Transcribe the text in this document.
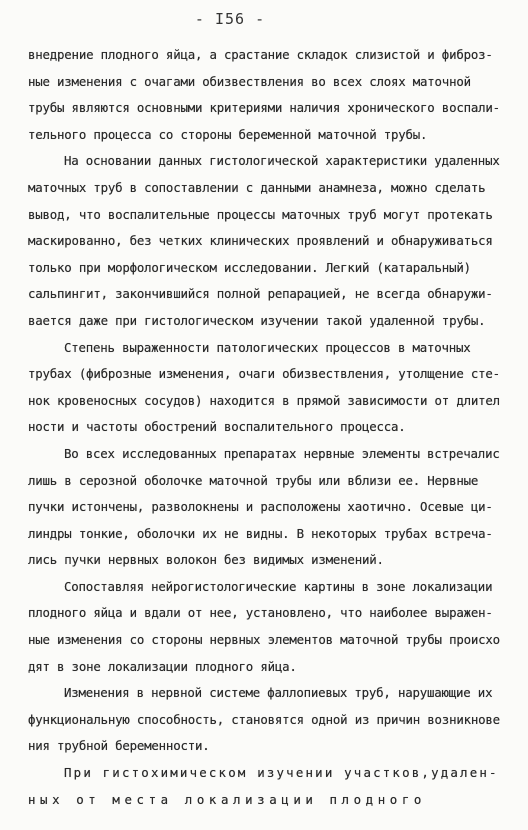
- I56 -
внедрение плодного яйца, а срастание складок слизистой и фиброз-
ные изменения с очагами обизвествления во всех слоях маточной
трубы являются основными критериями наличия хронического воспали-
тельного процесса со стороны беременной маточной трубы.
На основании данных гистологической характеристики удаленных
маточных труб в сопоставлении с данными анамнеза, можно сделать
вывод, что воспалительные процессы маточных труб могут протекать
маскированно, без четких клинических проявлений и обнаруживаться
только при морфологическом исследовании. Легкий (катаральный)
сальпингит, закончившийся полной репарацией, не всегда обнаружи-
вается даже при гистологическом изучении такой удаленной трубы.
Степень выраженности патологических процессов в маточных
трубах (фиброзные изменения, очаги обизвествления, утолщение сте-
нок кровеносных сосудов) находится в прямой зависимости от длител
ности и частоты обострений воспалительного процесса.
Во всех исследованных препаратах нервные элементы встречалис
лишь в серозной оболочке маточной трубы или вблизи ее. Нервные
пучки истончены, разволокнены и расположены хаотично. Осевые ци-
линдры тонкие, оболочки их не видны. В некоторых трубах встреча-
лись пучки нервных волокон без видимых изменений.
Сопоставляя нейрогистологические картины в зоне локализации
плодного яйца и вдали от нее, установлено, что наиболее выражен-
ные изменения со стороны нервных элементов маточной трубы происхо
дят в зоне локализации плодного яйца.
Изменения в нервной системе фаллопиевых труб, нарушающие их
функциональную способность, становятся одной из причин возникнове
ния трубной беременности.
При гистохимическом изучении участков,удален-
ных от места локализации плодного
